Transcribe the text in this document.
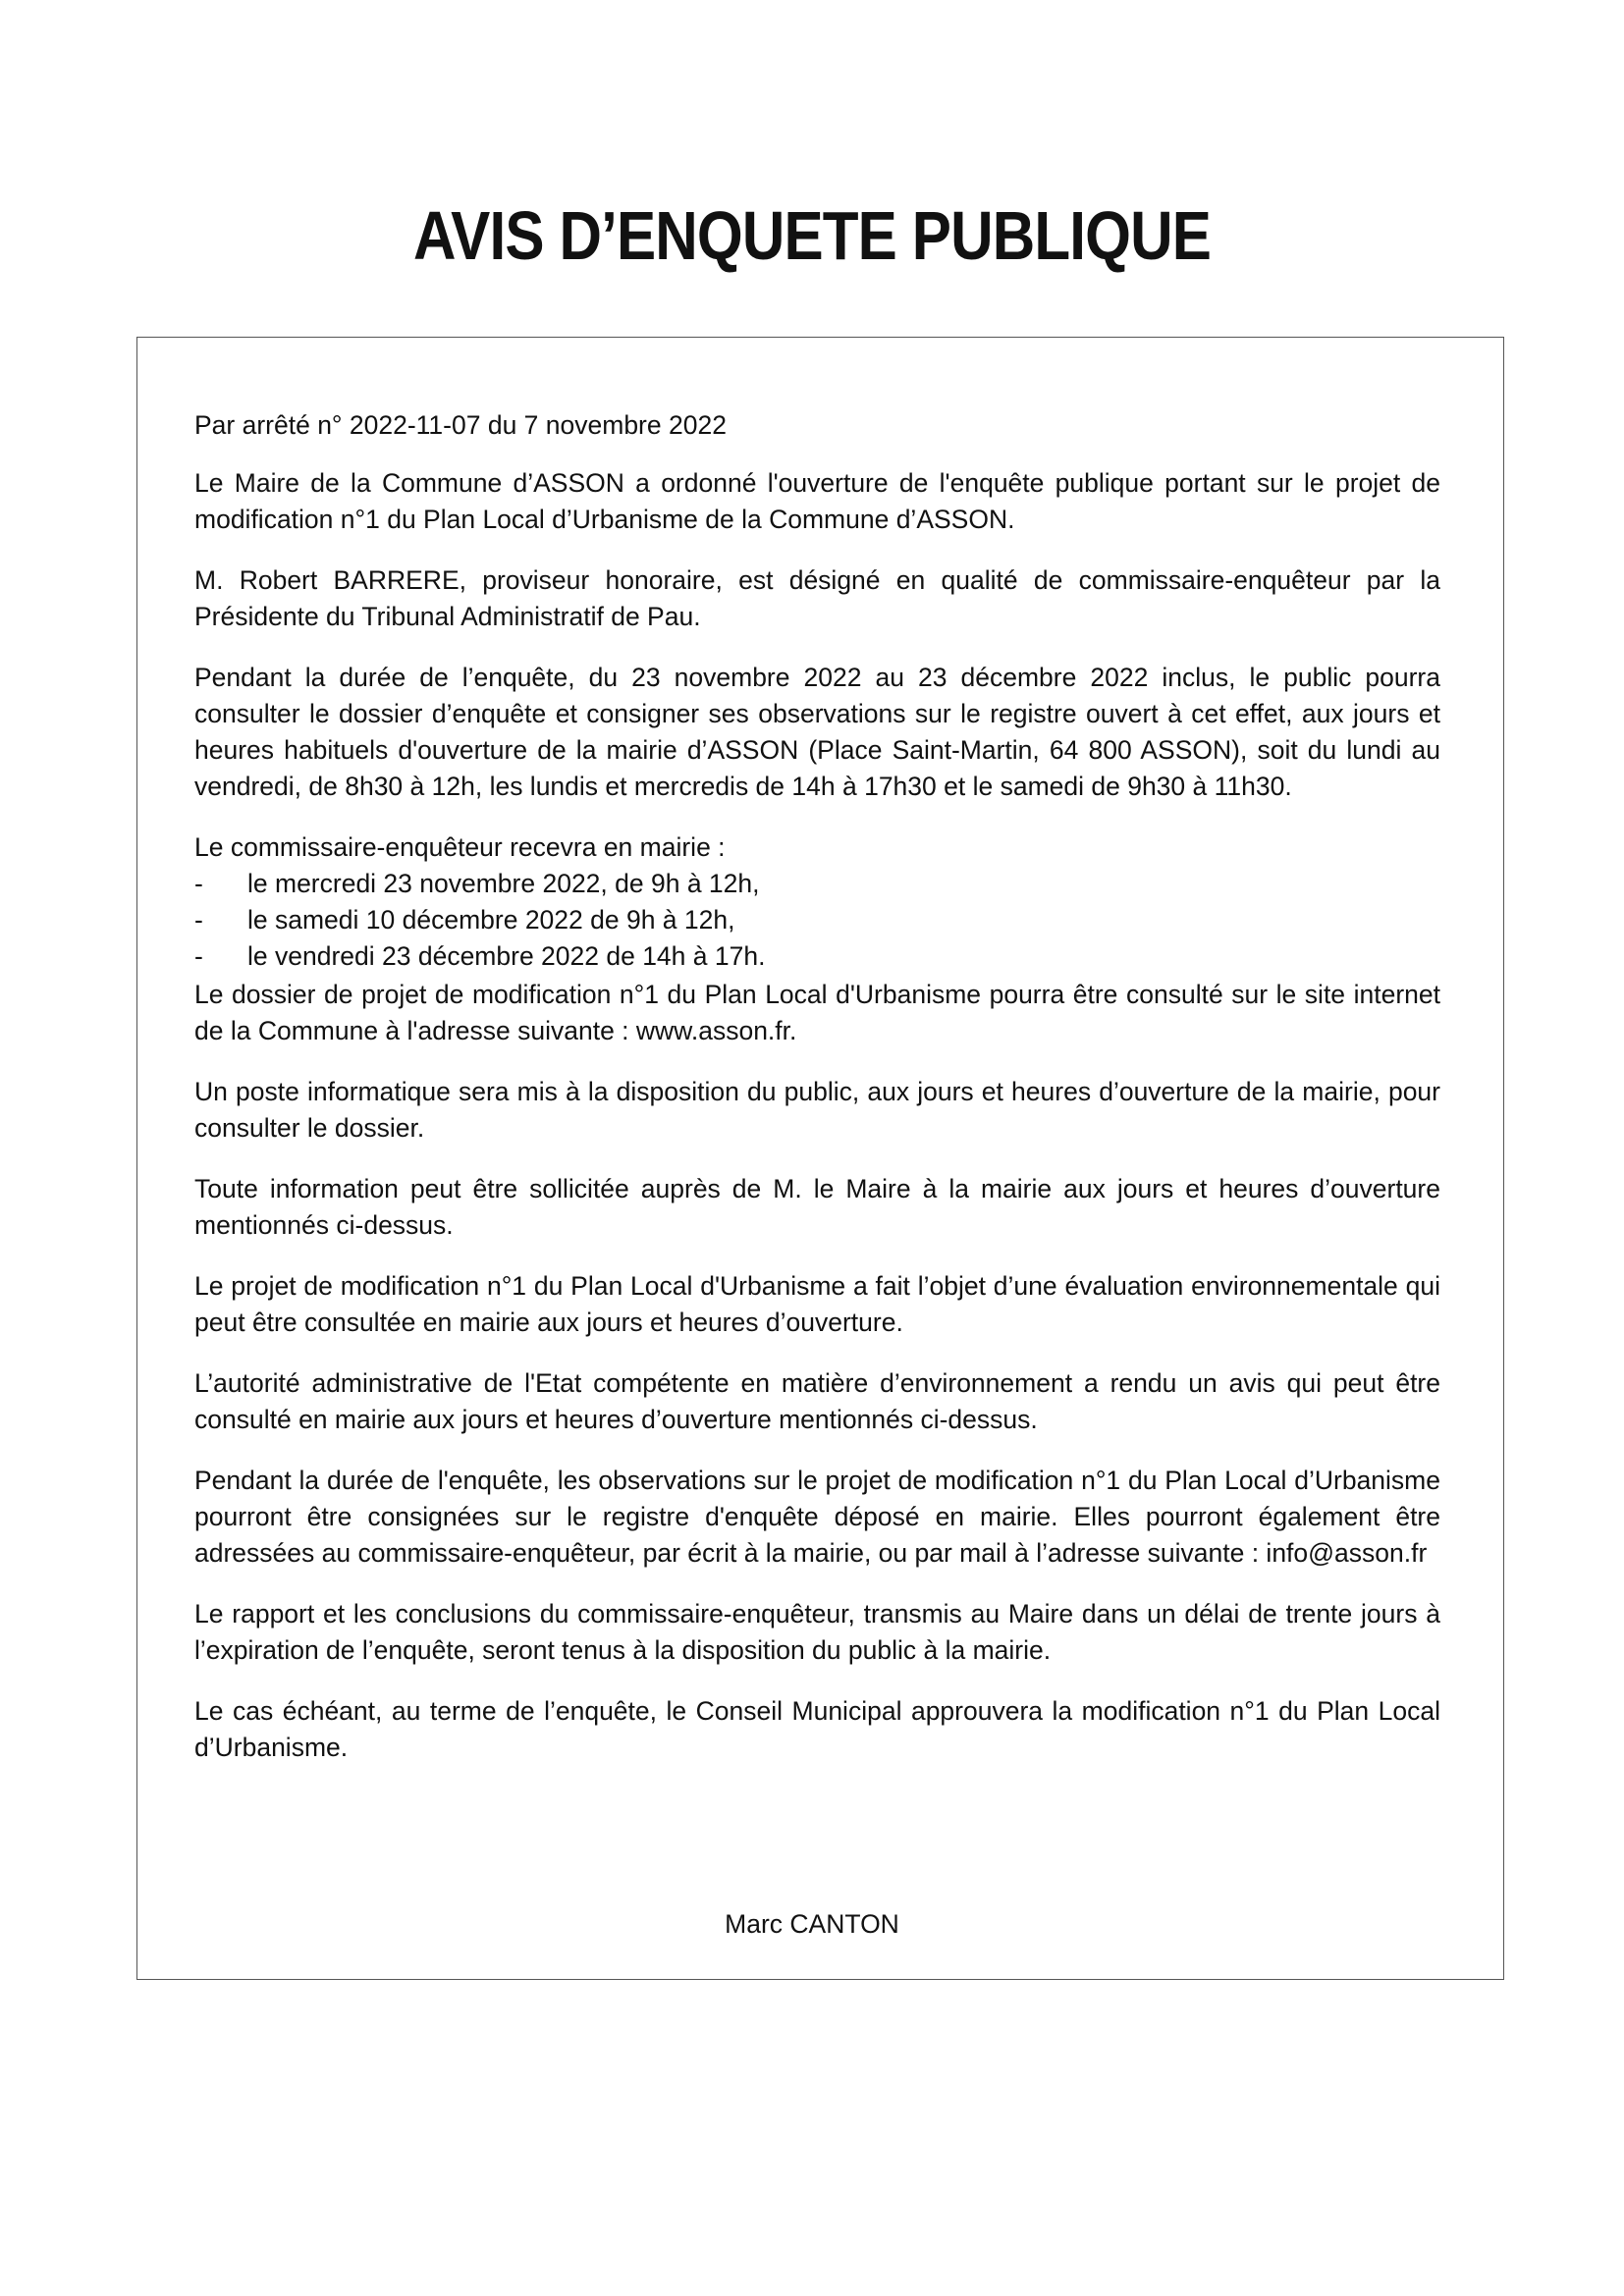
AVIS D’ENQUETE PUBLIQUE

Par arrêté n° 2022-11-07 du 7 novembre 2022

Le Maire de la Commune d’ASSON a ordonné l'ouverture de l'enquête publique portant sur le projet de modification n°1 du Plan Local d’Urbanisme de la Commune d’ASSON.

M. Robert BARRERE, proviseur honoraire, est désigné en qualité de commissaire-enquêteur par la Présidente du Tribunal Administratif de Pau.

Pendant la durée de l’enquête, du 23 novembre 2022 au 23 décembre 2022 inclus, le public pourra consulter le dossier d’enquête et consigner ses observations sur le registre ouvert à cet effet, aux jours et heures habituels d'ouverture de la mairie d’ASSON (Place Saint-Martin, 64 800 ASSON), soit du lundi au vendredi, de 8h30 à 12h, les lundis et mercredis de 14h à 17h30 et le samedi de 9h30 à 11h30.

Le commissaire-enquêteur recevra en mairie :

-	le mercredi 23 novembre 2022, de 9h à 12h,
-	le samedi 10 décembre 2022 de 9h à 12h,
-	le vendredi 23 décembre 2022 de 14h à 17h.

Le dossier de projet de modification n°1 du Plan Local d'Urbanisme pourra être consulté sur le site internet de la Commune à l'adresse suivante : www.asson.fr.

Un poste informatique sera mis à la disposition du public, aux jours et heures d’ouverture de la mairie, pour consulter le dossier.

Toute information peut être sollicitée auprès de M. le Maire à la mairie aux jours et heures d’ouverture mentionnés ci-dessus.

Le projet de modification n°1 du Plan Local d'Urbanisme a fait l’objet d’une évaluation environnementale qui peut être consultée en mairie aux jours et heures d’ouverture.

L’autorité administrative de l'Etat compétente en matière d’environnement a rendu un avis qui peut être consulté en mairie aux jours et heures d’ouverture mentionnés ci-dessus.

Pendant la durée de l'enquête, les observations sur le projet de modification n°1 du Plan Local d’Urbanisme pourront être consignées sur le registre d'enquête déposé en mairie. Elles pourront également être adressées au commissaire-enquêteur, par écrit à la mairie, ou par mail à l’adresse suivante : info@asson.fr

Le rapport et les conclusions du commissaire-enquêteur, transmis au Maire dans un délai de trente jours à l’expiration de l’enquête, seront tenus à la disposition du public à la mairie.

Le cas échéant, au terme de l’enquête, le Conseil Municipal approuvera la modification n°1 du Plan Local d’Urbanisme.

Marc CANTON
